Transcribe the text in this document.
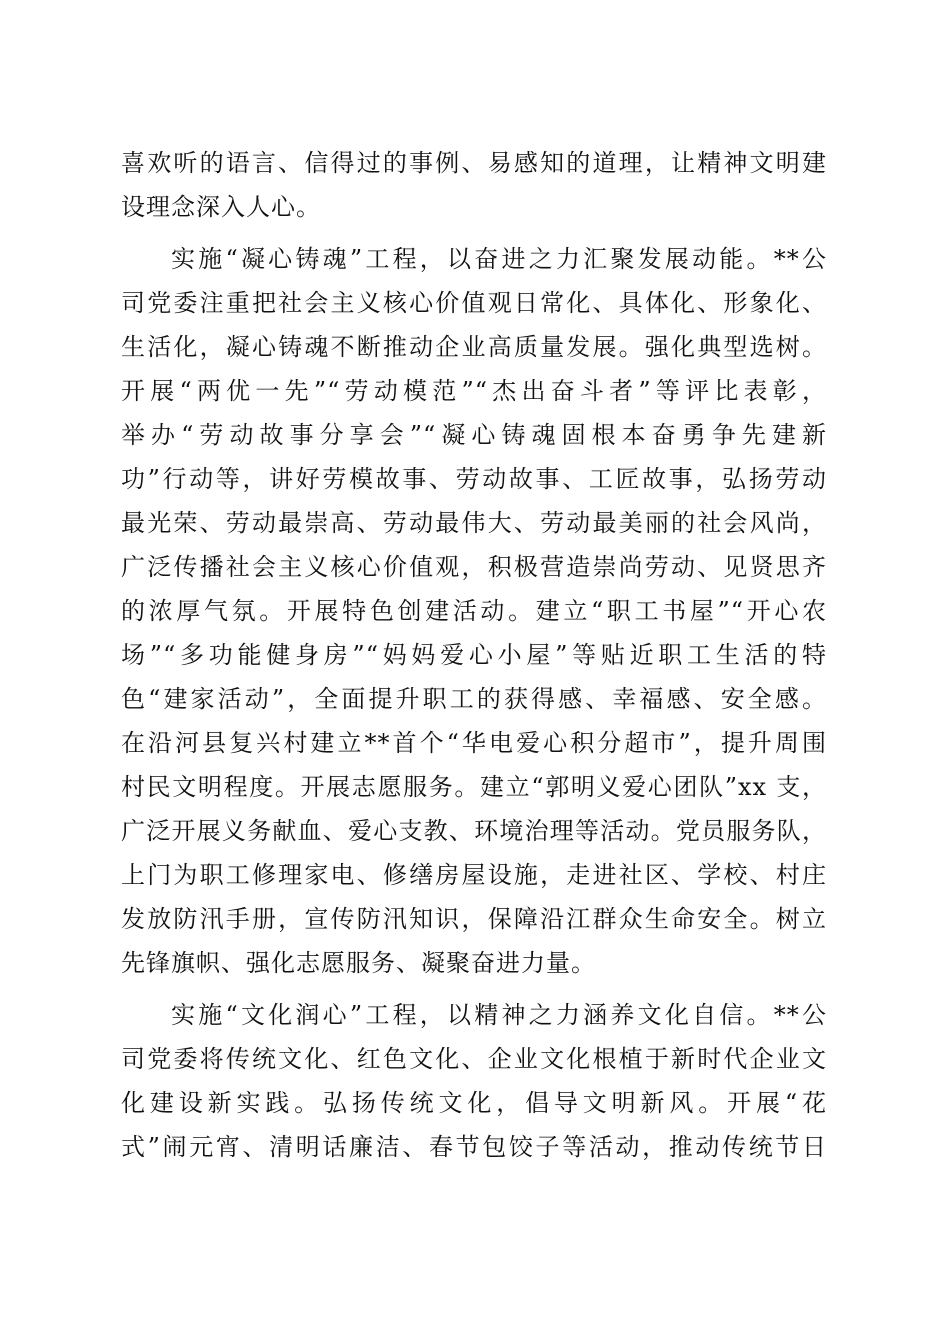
喜欢听的语言、信得过的事例、易感知的道理，让精神文明建
设理念深入人心。
实施“凝心铸魂”工程，以奋进之力汇聚发展动能。**公
司党委注重把社会主义核心价值观日常化、具体化、形象化、
生活化，凝心铸魂不断推动企业高质量发展。强化典型选树。
开展“两优一先”“劳动模范”“杰出奋斗者”等评比表彰，
举办“劳动故事分享会”“凝心铸魂固根本奋勇争先建新
功”行动等，讲好劳模故事、劳动故事、工匠故事，弘扬劳动
最光荣、劳动最崇高、劳动最伟大、劳动最美丽的社会风尚，
广泛传播社会主义核心价值观，积极营造崇尚劳动、见贤思齐
的浓厚气氛。开展特色创建活动。建立“职工书屋”“开心农
场”“多功能健身房”“妈妈爱心小屋”等贴近职工生活的特
色“建家活动”，全面提升职工的获得感、幸福感、安全感。
在沿河县复兴村建立**首个“华电爱心积分超市”，提升周围
村民文明程度。开展志愿服务。建立“郭明义爱心团队”xx 支，
广泛开展义务献血、爱心支教、环境治理等活动。党员服务队，
上门为职工修理家电、修缮房屋设施，走进社区、学校、村庄
发放防汛手册，宣传防汛知识，保障沿江群众生命安全。树立
先锋旗帜、强化志愿服务、凝聚奋进力量。
实施“文化润心”工程，以精神之力涵养文化自信。**公
司党委将传统文化、红色文化、企业文化根植于新时代企业文
化建设新实践。弘扬传统文化，倡导文明新风。开展“花
式”闹元宵、清明话廉洁、春节包饺子等活动，推动传统节日
